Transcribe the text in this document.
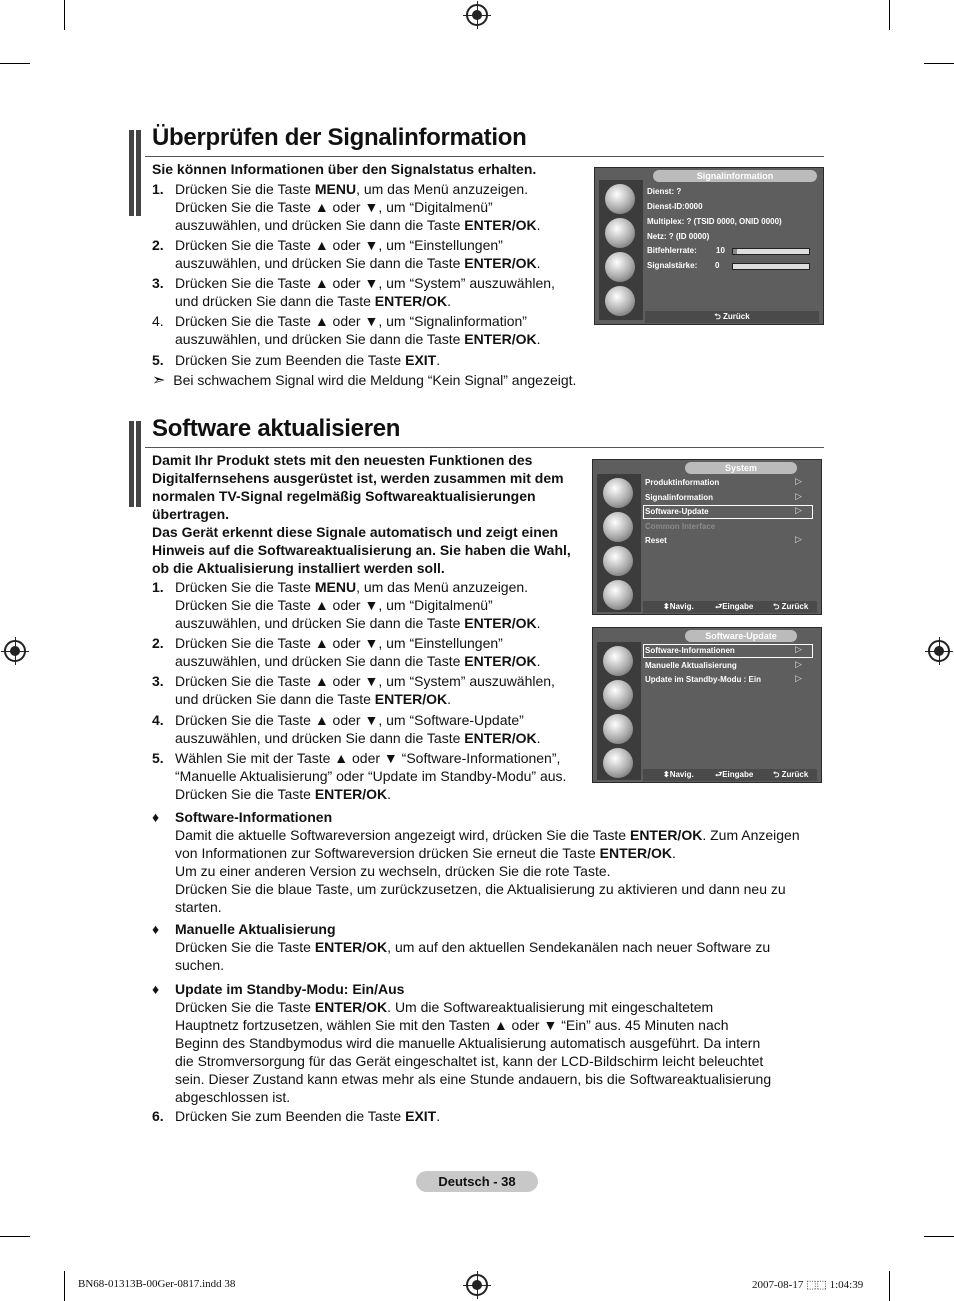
Überprüfen der Signalinformation
Sie können Informationen über den Signalstatus erhalten.
1. Drücken Sie die Taste MENU, um das Menü anzuzeigen.
Drücken Sie die Taste ▲ oder ▼, um “Digitalmenü”
auszuwählen, und drücken Sie dann die Taste ENTER/OK.
2. Drücken Sie die Taste ▲ oder ▼, um “Einstellungen”
auszuwählen, und drücken Sie dann die Taste ENTER/OK.
3. Drücken Sie die Taste ▲ oder ▼, um “System” auszuwählen,
und drücken Sie dann die Taste ENTER/OK.
4. Drücken Sie die Taste ▲ oder ▼, um “Signalinformation”
auszuwählen, und drücken Sie dann die Taste ENTER/OK.
5. Drücken Sie zum Beenden die Taste EXIT.
➣ Bei schwachem Signal wird die Meldung “Kein Signal” angezeigt.
Signalinformation
Bitfehlerrate: 10
Signalstärke: 0
⮌ Zurück
Dienst: ?
Dienst-ID:0000
Multiplex: ? (TSID 0000, ONID 0000)
Netz: ? (ID 0000)
Software aktualisieren
Damit Ihr Produkt stets mit den neuesten Funktionen des
Digitalfernsehens ausgerüstet ist, werden zusammen mit dem
normalen TV-Signal regelmäßig Softwareaktualisierungen
übertragen.
Das Gerät erkennt diese Signale automatisch und zeigt einen
Hinweis auf die Softwareaktualisierung an. Sie haben die Wahl,
ob die Aktualisierung installiert werden soll.
1. Drücken Sie die Taste MENU, um das Menü anzuzeigen.
Drücken Sie die Taste ▲ oder ▼, um “Digitalmenü”
auszuwählen, und drücken Sie dann die Taste ENTER/OK.
2. Drücken Sie die Taste ▲ oder ▼, um “Einstellungen”
auszuwählen, und drücken Sie dann die Taste ENTER/OK.
3. Drücken Sie die Taste ▲ oder ▼, um “System” auszuwählen,
und drücken Sie dann die Taste ENTER/OK.
4. Drücken Sie die Taste ▲ oder ▼, um “Software-Update”
auszuwählen, und drücken Sie dann die Taste ENTER/OK.
5. Wählen Sie mit der Taste ▲ oder ▼ “Software-Informationen”,
“Manuelle Aktualisierung” oder “Update im Standby-Modu” aus.
Drücken Sie die Taste ENTER/OK.
♦ Software-Informationen
Damit die aktuelle Softwareversion angezeigt wird, drücken Sie die Taste ENTER/OK. Zum Anzeigen
von Informationen zur Softwareversion drücken Sie erneut die Taste ENTER/OK.
Um zu einer anderen Version zu wechseln, drücken Sie die rote Taste.
Drücken Sie die blaue Taste, um zurückzusetzen, die Aktualisierung zu aktivieren und dann neu zu
starten.
♦ Manuelle Aktualisierung
Drücken Sie die Taste ENTER/OK, um auf den aktuellen Sendekanälen nach neuer Software zu
suchen.
♦ Update im Standby-Modu: Ein/Aus
Drücken Sie die Taste ENTER/OK. Um die Softwareaktualisierung mit eingeschaltetem
Hauptnetz fortzusetzen, wählen Sie mit den Tasten ▲ oder ▼ “Ein” aus. 45 Minuten nach
Beginn des Standbymodus wird die manuelle Aktualisierung automatisch ausgeführt. Da intern
die Stromversorgung für das Gerät eingeschaltet ist, kann der LCD-Bildschirm leicht beleuchtet
sein. Dieser Zustand kann etwas mehr als eine Stunde andauern, bis die Softwareaktualisierung
abgeschlossen ist.
6. Drücken Sie zum Beenden die Taste EXIT.
System
⬍Navig.	⮐Eingabe ⮌ Zurück
Produktinformation	▷
Signalinformation	▷
Software-Update	▷
Common Interface
Reset	▷
Software-Update
⬍Navig.	⮐Eingabe ⮌ Zurück
Software-Informationen	▷
Manuelle Aktualisierung	▷
Update im Standby-Modu : Ein	▷
Deutsch - 38
BN68-01313B-00Ger-0817.indd 38	2007-08-17 ⬚⬚ 1:04:39
